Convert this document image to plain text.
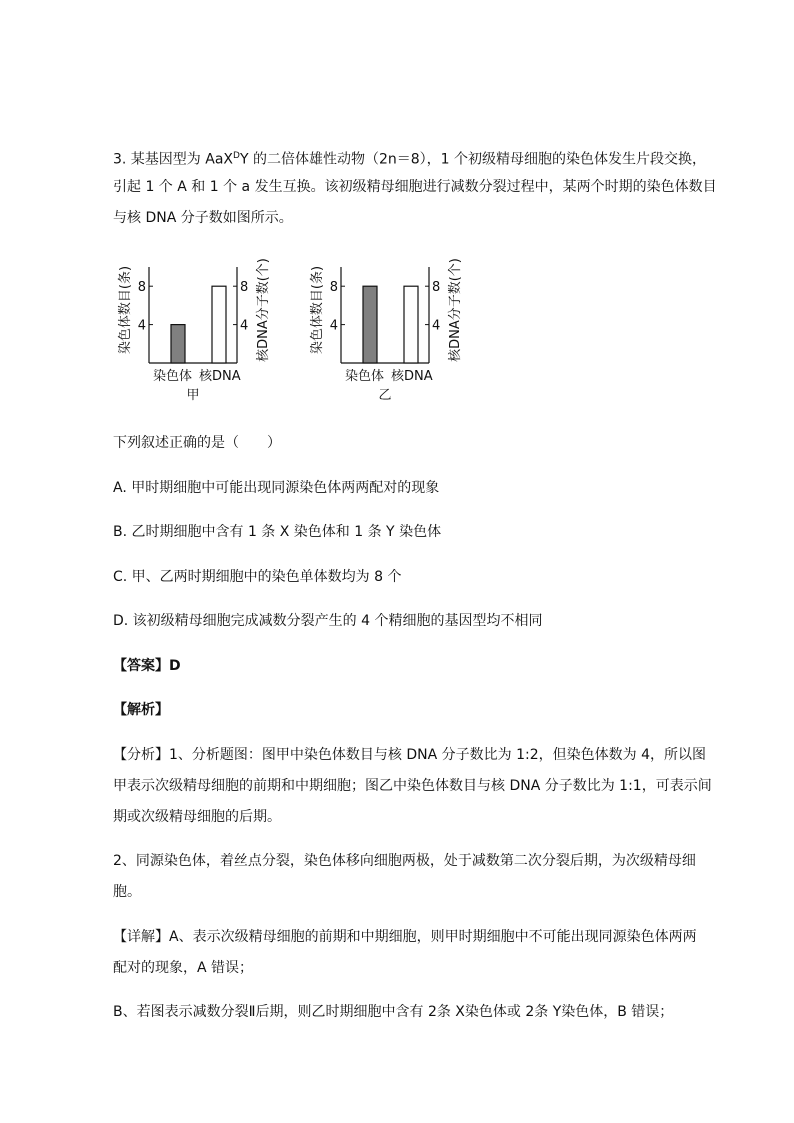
3. 某基因型为 AaX$^D$Y 的二倍体雄性动物（2n＝8），1 个初级精母细胞的染色体发生片段交换，
引起 1 个 A 和 1 个 a 发生互换。该初级精母细胞进行减数分裂过程中，某两个时期的染色体数目
与核 DNA 分子数如图所示。
4	4
8	8
染色体 核DNA
甲
染色体数目(条)	核DNA分子数(个)	4	4
8	8
染色体 核DNA
乙
染色体数目(条)	核DNA分子数(个)
下列叙述正确的是（　　）
A. 甲时期细胞中可能出现同源染色体两两配对的现象
B. 乙时期细胞中含有 1 条 X 染色体和 1 条 Y 染色体
C. 甲、乙两时期细胞中的染色单体数均为 8 个
D. 该初级精母细胞完成减数分裂产生的 4 个精细胞的基因型均不相同
【答案】D
【解析】
【分析】1、分析题图：图甲中染色体数目与核 DNA 分子数比为 1:2，但染色体数为 4，所以图
甲表示次级精母细胞的前期和中期细胞；图乙中染色体数目与核 DNA 分子数比为 1:1，可表示间
期或次级精母细胞的后期。
2、同源染色体，着丝点分裂，染色体移向细胞两极，处于减数第二次分裂后期，为次级精母细
胞。
【详解】A、表示次级精母细胞的前期和中期细胞，则甲时期细胞中不可能出现同源染色体两两
配对的现象，A 错误；
B、若图表示减数分裂Ⅱ后期，则乙时期细胞中含有 2条 X染色体或 2条 Y染色体，B 错误；
